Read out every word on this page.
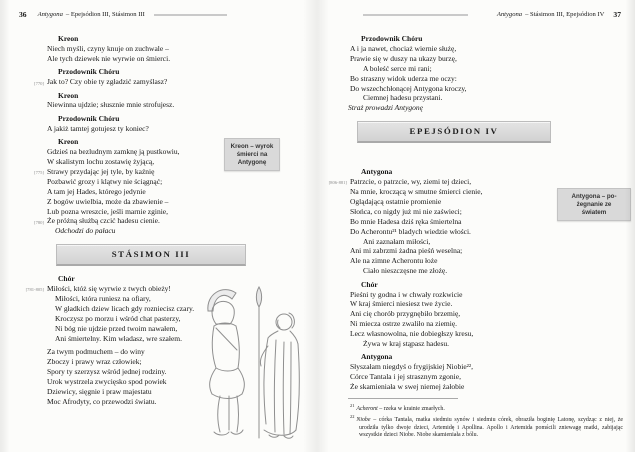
36 Antygona – Epejsódion III, Stásimon III
Kreon
Niech myśli, czyny knuje on zuchwale –
Ale tych dziewek nie wyrwie on śmierci.
Przodownik Chóru
[770] Jak to? Czy obie ty zgładzić zamyślasz?
Kreon
Niewinna ujdzie; słusznie mnie strofujesz.
Przodownik Chóru
A jakiż tamtej gotujesz ty koniec?
Kreon
Gdzieś na bezludnym zamknę ją pustkowiu,
W skalistym lochu zostawię żyjącą,
[775] Strawy przydając jej tyle, by kaźnię
Pozbawić grozy i klątwy nie ściągnąć;
A tam jej Hades, którego jedynie
Z bogów uwielbia, może da zbawienie –
Lub pozna wreszcie, jeśli marnie zginie,
[780] Że próżną służbą czcić hadesu cienie.
Odchodzi do pałacu
STÁSIMON III
Chór
[781-805] Miłości, któż się wyrwie z twych obieży!
Miłości, która runiesz na ofiary,
W gładkich dziew licach gdy rozniecisz czary.
Kroczysz po morzu i wśród chat pasterzy,
Ni bóg nie ujdzie przed twoim nawałem,
Ani śmiertelny. Kim władasz, wre szałem.
Za twym podmuchem – do winy
Zboczy i prawy wraz człowiek;
Spory ty szerzysz wśród jednej rodziny.
Urok wystrzela zwycięsko spod powiek
Dziewicy, sięgnie i praw majestatu
Moc Afrodyty, co przewodzi światu.
Kreon – wyrok
śmierci na
Antygonę
Antygona – Stásimon III, Epejsódion IV 37
Przodownik Chóru
A i ja nawet, chociaż wiernie służę,
Prawie się w duszy na ukazy burzę,
A boleść serce mi rani;
Bo straszny widok uderza me oczy:
Do wszechchłonącej Antygona kroczy,
Ciemnej hadesu przystani.
Straż prowadzi Antygonę
EPEJSÓDION IV
Antygona
[806-881] Patrzcie, o patrzcie, wy, ziemi tej dzieci,
Na mnie, kroczącą w smutne śmierci cienie,
Oglądającą ostatnie promienie
Słońca, co nigdy już mi nie zaświeci;
Bo mnie Hadesa dziś ręka śmiertelna
Do Acherontu²¹ bladych wiedzie włości.
Ani zaznałam miłości,
Ani mi zabrzmi żadna pieśń weselna;
Ale na zimne Acherontu łoże
Ciało nieszczęsne me złożę.
Chór
Pieśni ty godna i w chwały rozkwicie
W kraj śmierci niesiesz twe życie.
Ani cię chorób przygnębiło brzemię,
Ni miecza ostrze zwaliło na ziemię.
Lecz własnowolna, nie dobiegłszy kresu,
Żywa w kraj stąpasz hadesu.
Antygona
Słyszałam niegdyś o frygijskiej Niobie²²,
Córce Tantala i jej strasznym zgonie,
Że skamieniała w swej niemej żałobie
Antygona – po-
żegnanie ze
światem
$^{21}$Acheront – rzeka w krainie zmarłych.
$^{22}$Niobe – córka Tantala, matka siedmiu synów i siedmiu córek, obraziła boginię Latonę, szydząc z niej, że urodziła tylko dwoje dzieci, Artemidę i Apollina. Apollo i Artemida pomścili zniewagę matki, zabijając wszystkie dzieci Niobe. Niobe skamieniała z bólu.
